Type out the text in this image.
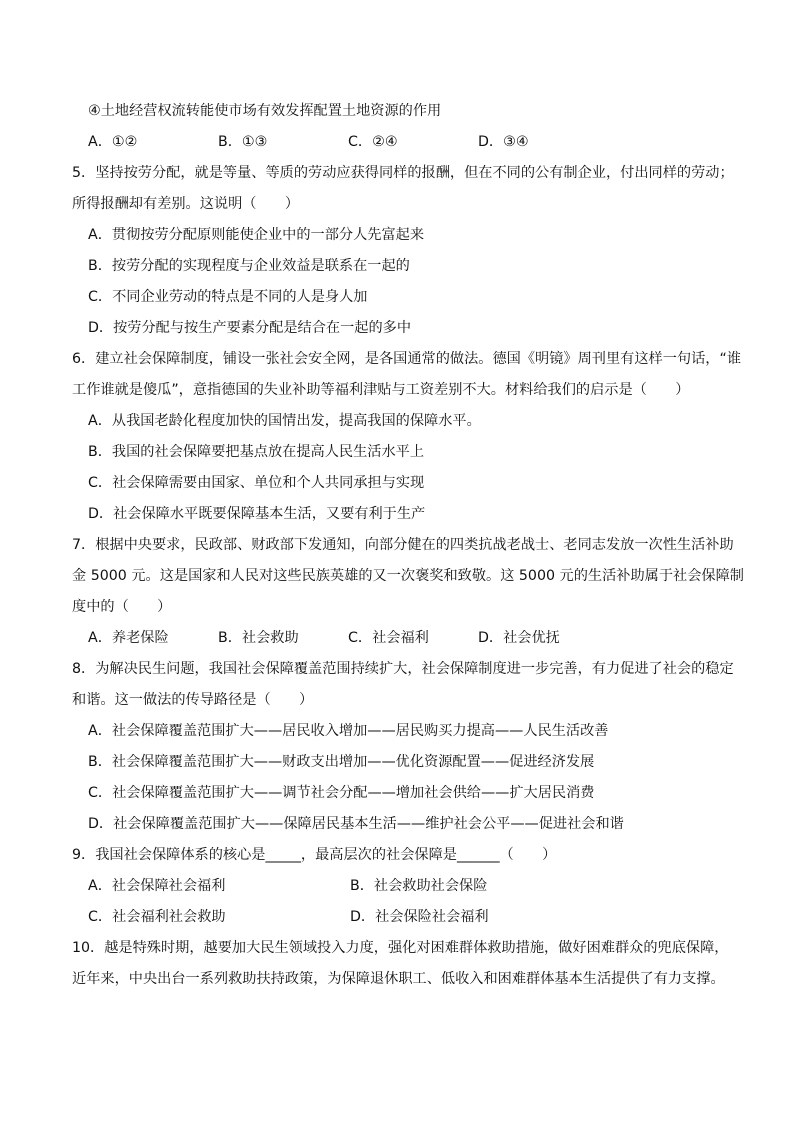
④土地经营权流转能使市场有效发挥配置土地资源的作用
A．①②	B．①③	C．②④	D．③④
5．坚持按劳分配，就是等量、等质的劳动应获得同样的报酬，但在不同的公有制企业，付出同样的劳动；
所得报酬却有差别。这说明（　　）
A．贯彻按劳分配原则能使企业中的一部分人先富起来
B．按劳分配的实现程度与企业效益是联系在一起的
C．不同企业劳动的特点是不同的人是身人加
D．按劳分配与按生产要素分配是结合在一起的多中
6．建立社会保障制度，铺设一张社会安全网，是各国通常的做法。德国《明镜》周刊里有这样一句话，“谁
工作谁就是傻瓜”，意指德国的失业补助等福利津贴与工资差别不大。材料给我们的启示是（　　）
A．从我国老龄化程度加快的国情出发，提高我国的保障水平。
B．我国的社会保障要把基点放在提高人民生活水平上
C．社会保障需要由国家、单位和个人共同承担与实现
D．社会保障水平既要保障基本生活，又要有利于生产
7．根据中央要求，民政部、财政部下发通知，向部分健在的四类抗战老战士、老同志发放一次性生活补助
金 5000 元。这是国家和人民对这些民族英雄的又一次褒奖和致敬。这 5000 元的生活补助属于社会保障制
度中的（　　）
A．养老保险	B．社会救助	C．社会福利	D．社会优抚
8．为解决民生问题，我国社会保障覆盖范围持续扩大，社会保障制度进一步完善，有力促进了社会的稳定
和谐。这一做法的传导路径是（　　）
A．社会保障覆盖范围扩大——居民收入增加——居民购买力提高——人民生活改善
B．社会保障覆盖范围扩大——财政支出增加——优化资源配置——促进经济发展
C．社会保障覆盖范围扩大——调节社会分配——增加社会供给——扩大居民消费
D．社会保障覆盖范围扩大——保障居民基本生活——维护社会公平——促进社会和谐
9．我国社会保障体系的核心是_____，最高层次的社会保障是______（　　）
A．社会保障社会福利	B．社会救助社会保险
C．社会福利社会救助	D．社会保险社会福利
10．越是特殊时期，越要加大民生领域投入力度，强化对困难群体救助措施，做好困难群众的兜底保障，
近年来，中央出台一系列救助扶持政策，为保障退休职工、低收入和困难群体基本生活提供了有力支撑。
